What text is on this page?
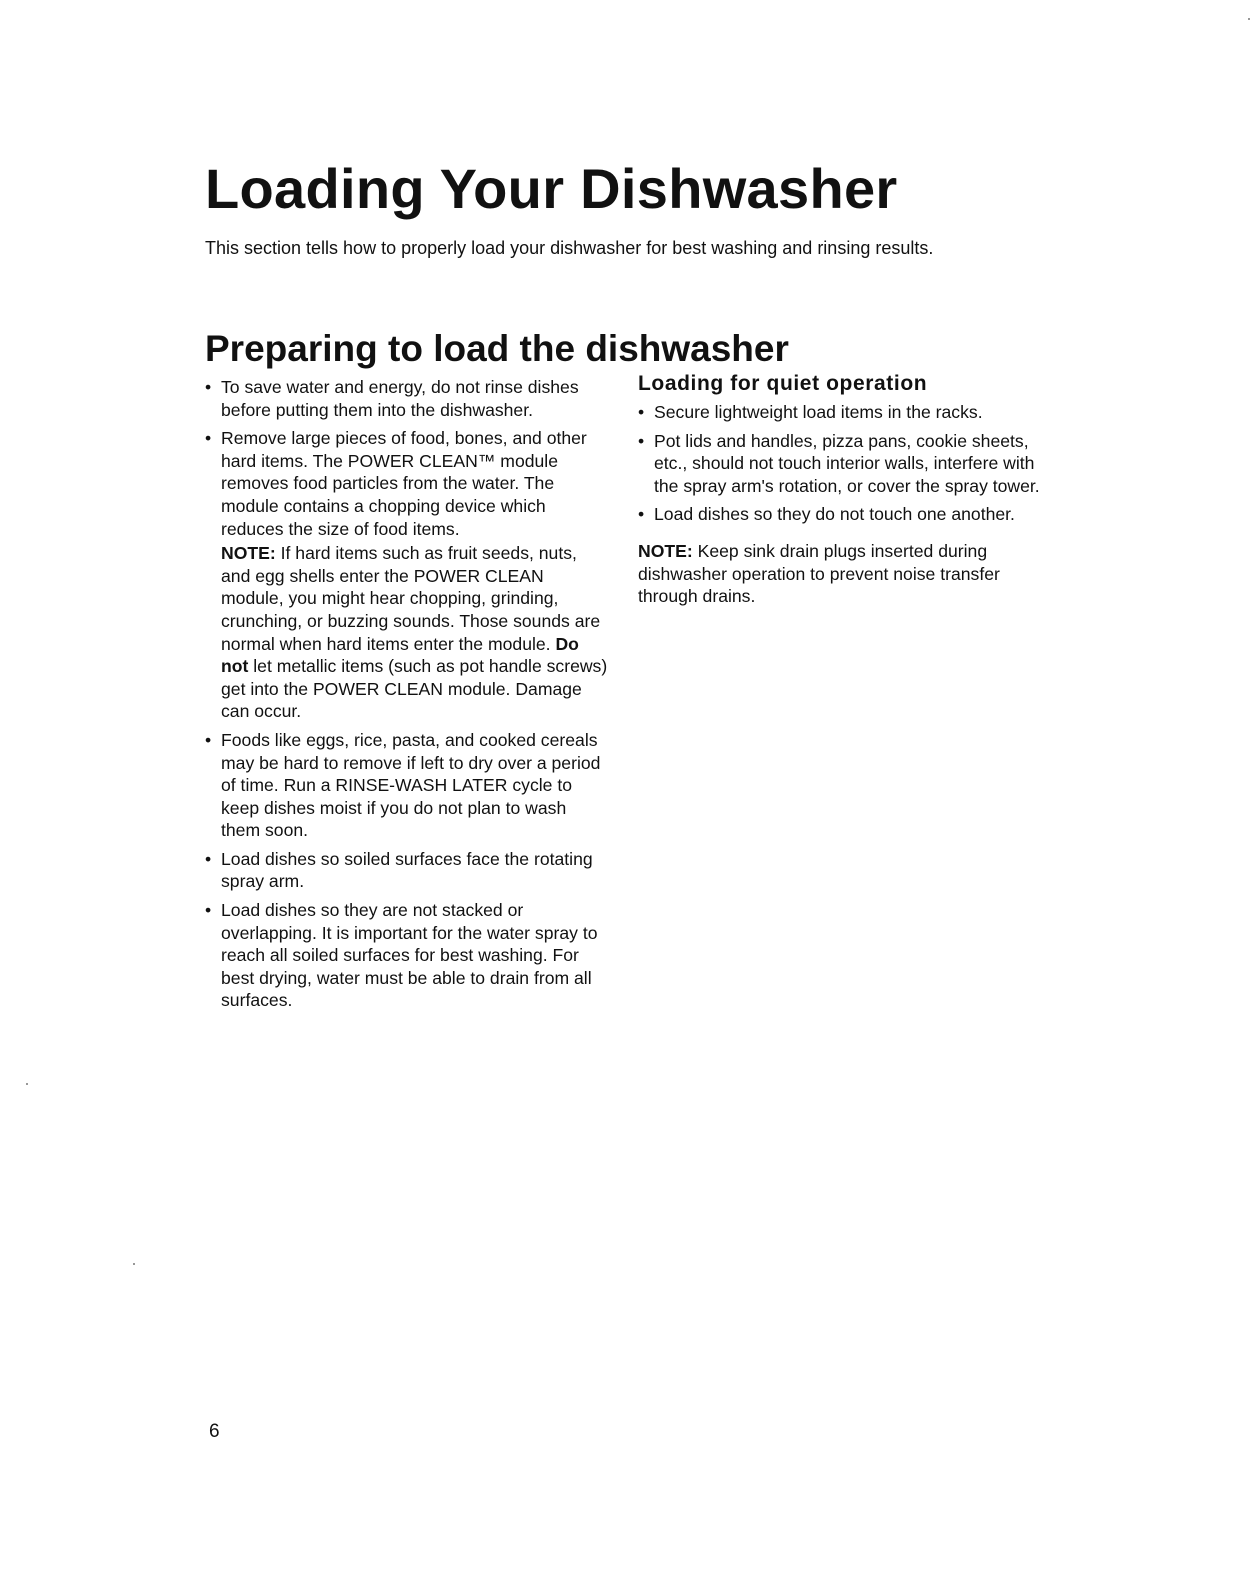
Loading Your Dishwasher

This section tells how to properly load your dishwasher for best washing and rinsing results.

Preparing to load the dishwasher
• To save water and energy, do not rinse dishes before putting them into the dishwasher.
• Remove large pieces of food, bones, and other hard items. The POWER CLEAN™ module removes food particles from the water. The module contains a chopping device which reduces the size of food items.

NOTE: If hard items such as fruit seeds, nuts, and egg shells enter the POWER CLEAN module, you might hear chopping, grinding, crunching, or buzzing sounds. Those sounds are normal when hard items enter the module. Do not let metallic items (such as pot handle screws) get into the POWER CLEAN module. Damage can occur.

• Foods like eggs, rice, pasta, and cooked cereals may be hard to remove if left to dry over a period of time. Run a RINSE-WASH LATER cycle to keep dishes moist if you do not plan to wash them soon.
• Load dishes so soiled surfaces face the rotating spray arm.
• Load dishes so they are not stacked or overlapping. It is important for the water spray to reach all soiled surfaces for best washing. For best drying, water must be able to drain from all surfaces.
Loading for quiet operation
• Secure lightweight load items in the racks.
• Pot lids and handles, pizza pans, cookie sheets, etc., should not touch interior walls, interfere with the spray arm's rotation, or cover the spray tower.
• Load dishes so they do not touch one another.

NOTE: Keep sink drain plugs inserted during dishwasher operation to prevent noise transfer through drains.

6
